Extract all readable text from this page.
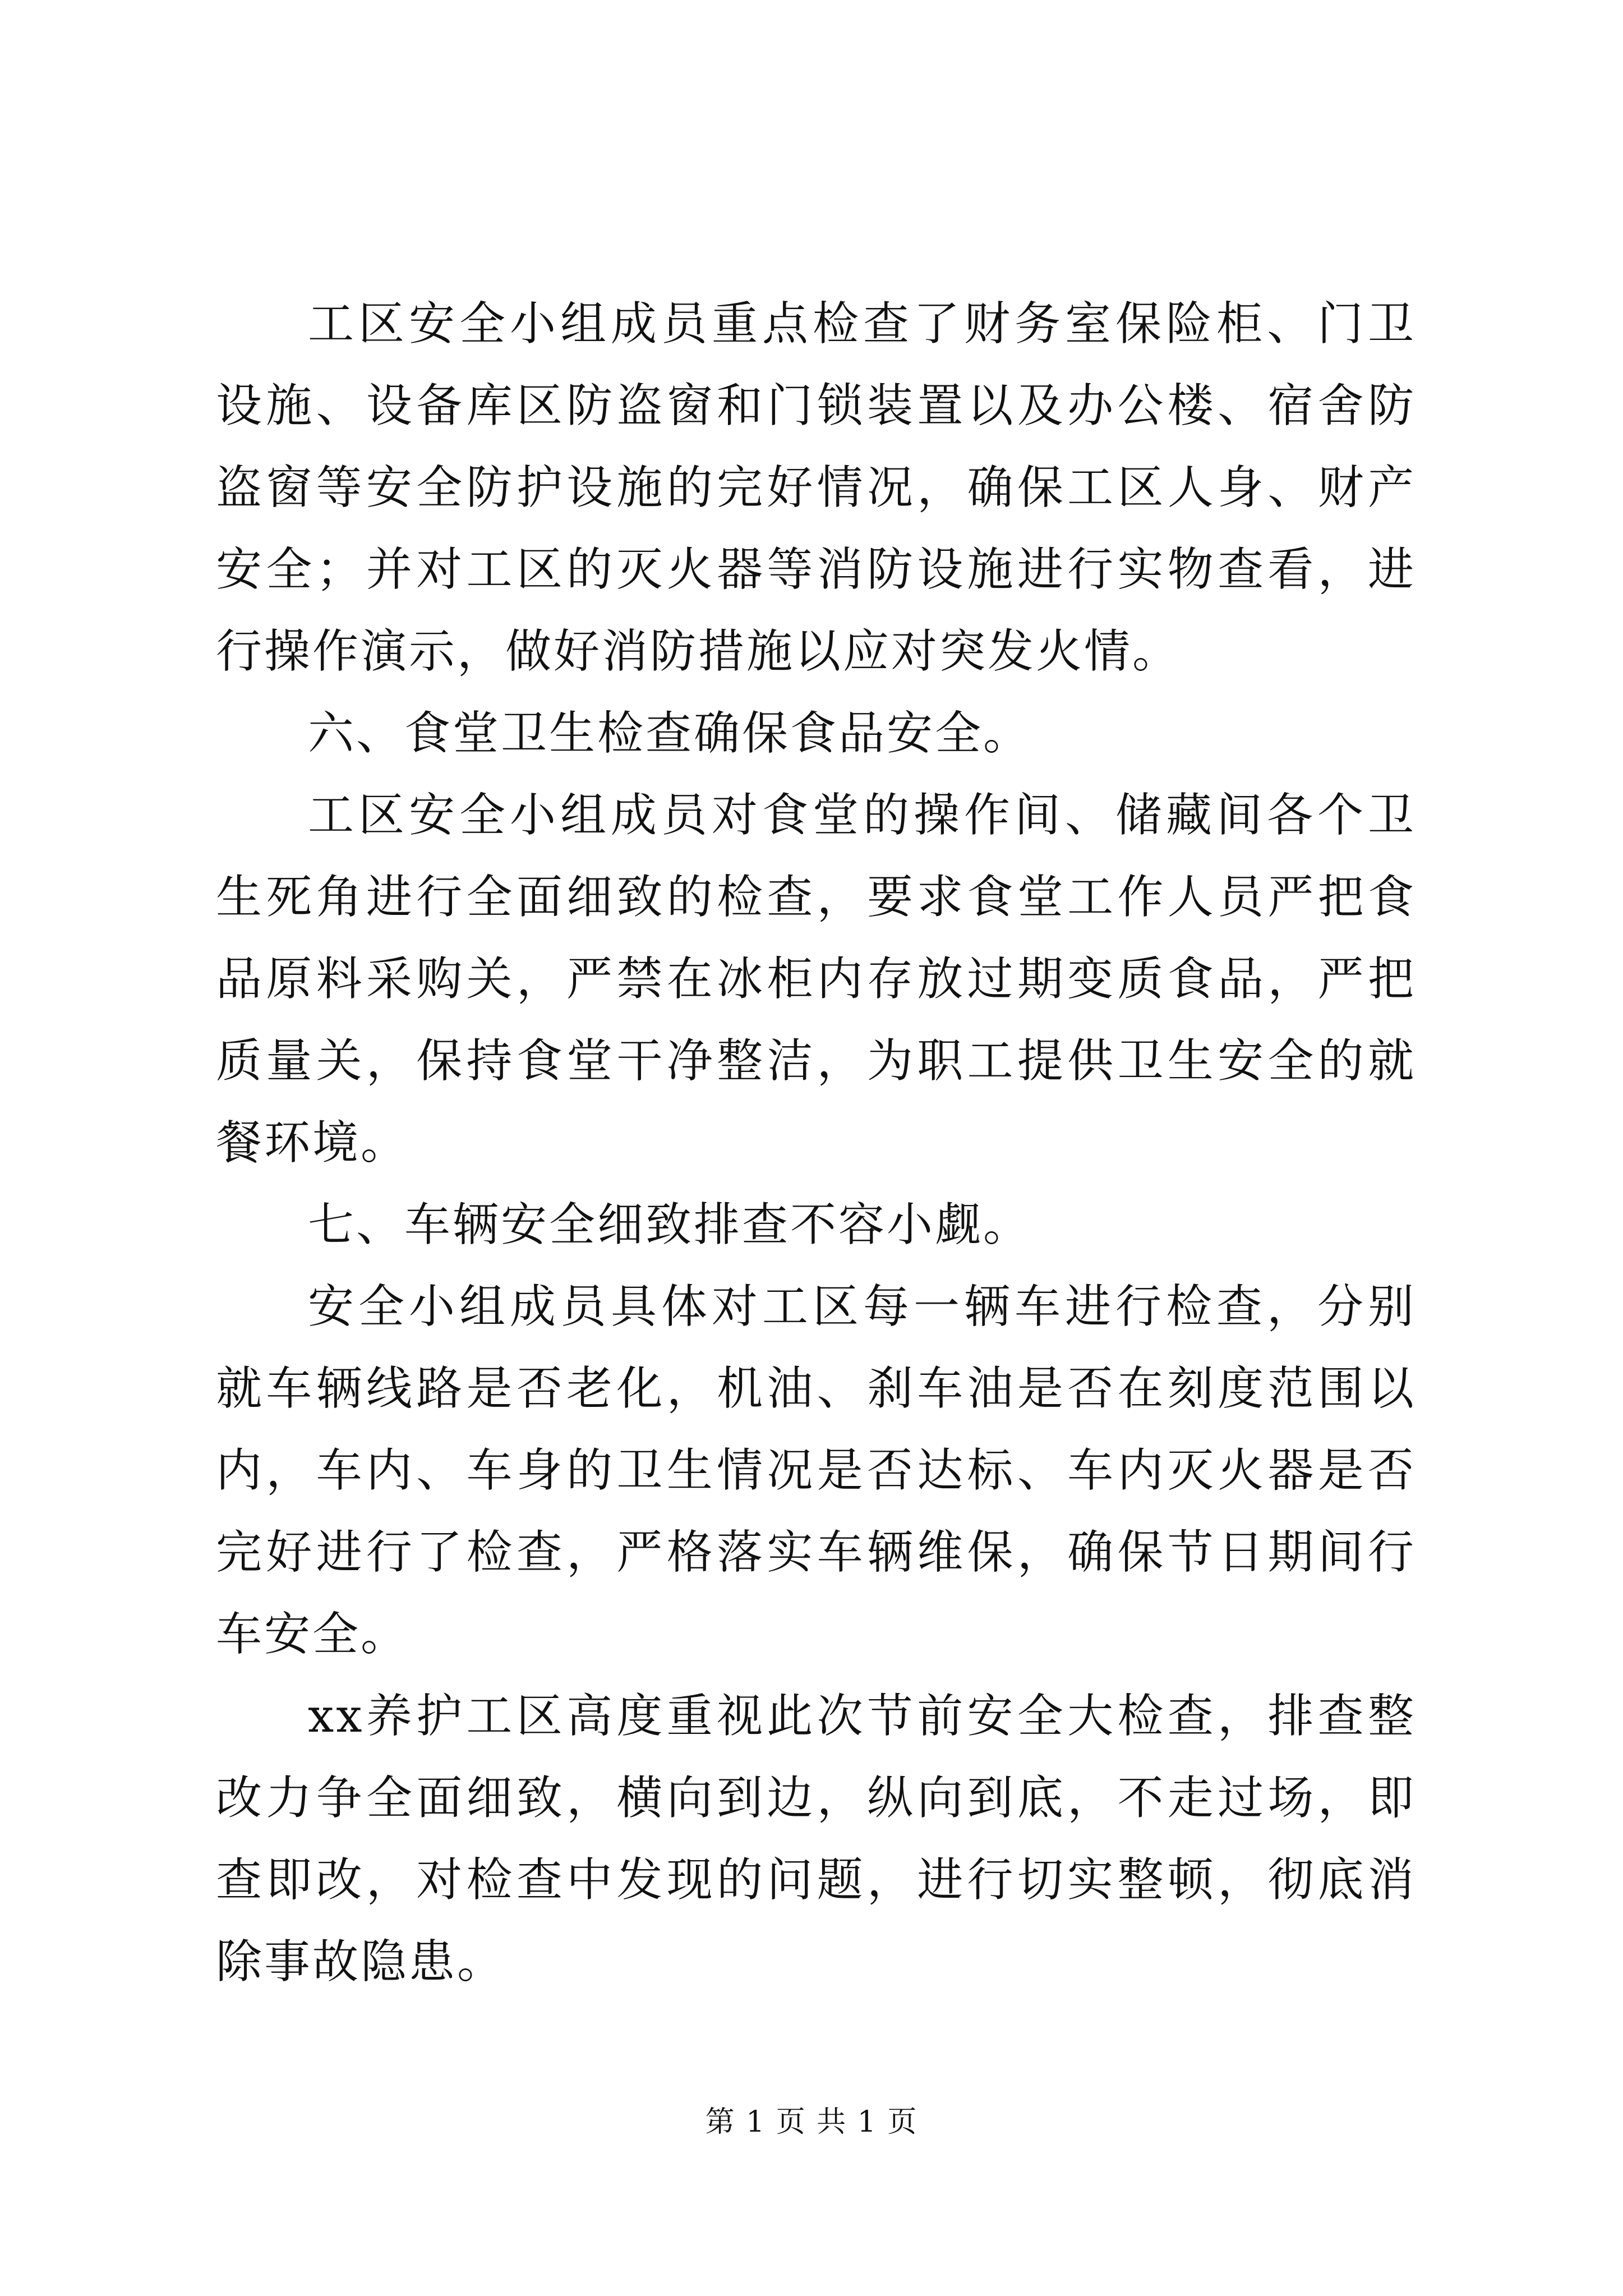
工区安全小组成员重点检查了财务室保险柜、门卫设施、设备库区防盗窗和门锁装置以及办公楼、宿舍防盗窗等安全防护设施的完好情况，确保工区人身、财产安全；并对工区的灭火器等消防设施进行实物查看，进行操作演示，做好消防措施以应对突发火情。

六、食堂卫生检查确保食品安全。

工区安全小组成员对食堂的操作间、储藏间各个卫生死角进行全面细致的检查，要求食堂工作人员严把食品原料采购关，严禁在冰柜内存放过期变质食品，严把质量关，保持食堂干净整洁，为职工提供卫生安全的就餐环境。

七、车辆安全细致排查不容小觑。

安全小组成员具体对工区每一辆车进行检查，分别就车辆线路是否老化，机油、刹车油是否在刻度范围以内，车内、车身的卫生情况是否达标、车内灭火器是否完好进行了检查，严格落实车辆维保，确保节日期间行车安全。

xx养护工区高度重视此次节前安全大检查，排查整改力争全面细致，横向到边，纵向到底，不走过场，即查即改，对检查中发现的问题，进行切实整顿，彻底消除事故隐患。

第 1 页 共 1 页
